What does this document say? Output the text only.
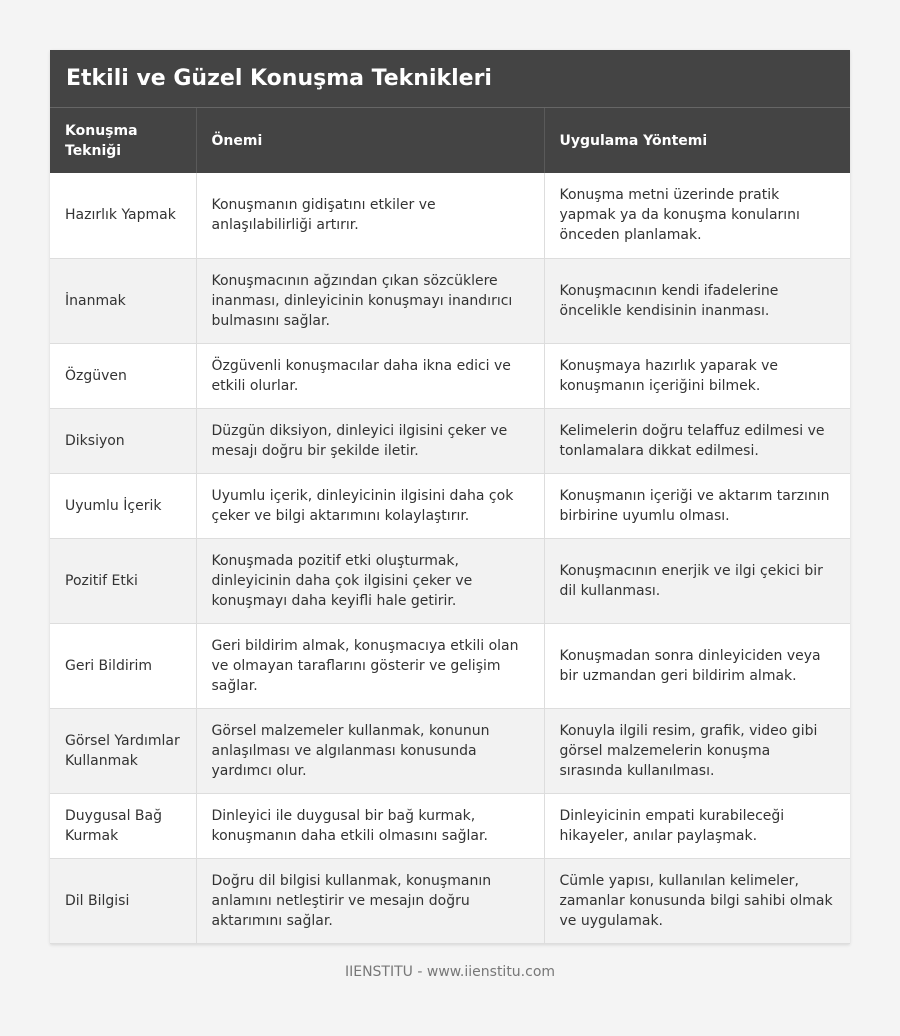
Etkili ve Güzel Konuşma Teknikleri
Konuşma Tekniği	Önemi	Uygulama Yöntemi
Hazırlık Yapmak	Konuşmanın gidişatını etkiler ve anlaşılabilirliği artırır.	Konuşma metni üzerinde pratik yapmak ya da konuşma konularını önceden planlamak.
İnanmak	Konuşmacının ağzından çıkan sözcüklere inanması, dinleyicinin konuşmayı inandırıcı bulmasını sağlar.	Konuşmacının kendi ifadelerine öncelikle kendisinin inanması.
Özgüven	Özgüvenli konuşmacılar daha ikna edici ve etkili olurlar.	Konuşmaya hazırlık yaparak ve konuşmanın içeriğini bilmek.
Diksiyon	Düzgün diksiyon, dinleyici ilgisini çeker ve mesajı doğru bir şekilde iletir.	Kelimelerin doğru telaffuz edilmesi ve tonlamalara dikkat edilmesi.
Uyumlu İçerik	Uyumlu içerik, dinleyicinin ilgisini daha çok çeker ve bilgi aktarımını kolaylaştırır.	Konuşmanın içeriği ve aktarım tarzının birbirine uyumlu olması.
Pozitif Etki	Konuşmada pozitif etki oluşturmak, dinleyicinin daha çok ilgisini çeker ve konuşmayı daha keyifli hale getirir.	Konuşmacının enerjik ve ilgi çekici bir dil kullanması.
Geri Bildirim	Geri bildirim almak, konuşmacıya etkili olan ve olmayan taraflarını gösterir ve gelişim sağlar.	Konuşmadan sonra dinleyiciden veya bir uzmandan geri bildirim almak.
Görsel Yardımlar Kullanmak	Görsel malzemeler kullanmak, konunun anlaşılması ve algılanması konusunda yardımcı olur.	Konuyla ilgili resim, grafik, video gibi görsel malzemelerin konuşma sırasında kullanılması.
Duygusal Bağ Kurmak	Dinleyici ile duygusal bir bağ kurmak, konuşmanın daha etkili olmasını sağlar.	Dinleyicinin empati kurabileceği hikayeler, anılar paylaşmak.
Dil Bilgisi	Doğru dil bilgisi kullanmak, konuşmanın anlamını netleştirir ve mesajın doğru aktarımını sağlar.	Cümle yapısı, kullanılan kelimeler, zamanlar konusunda bilgi sahibi olmak ve uygulamak.
IIENSTITU - www.iienstitu.com
